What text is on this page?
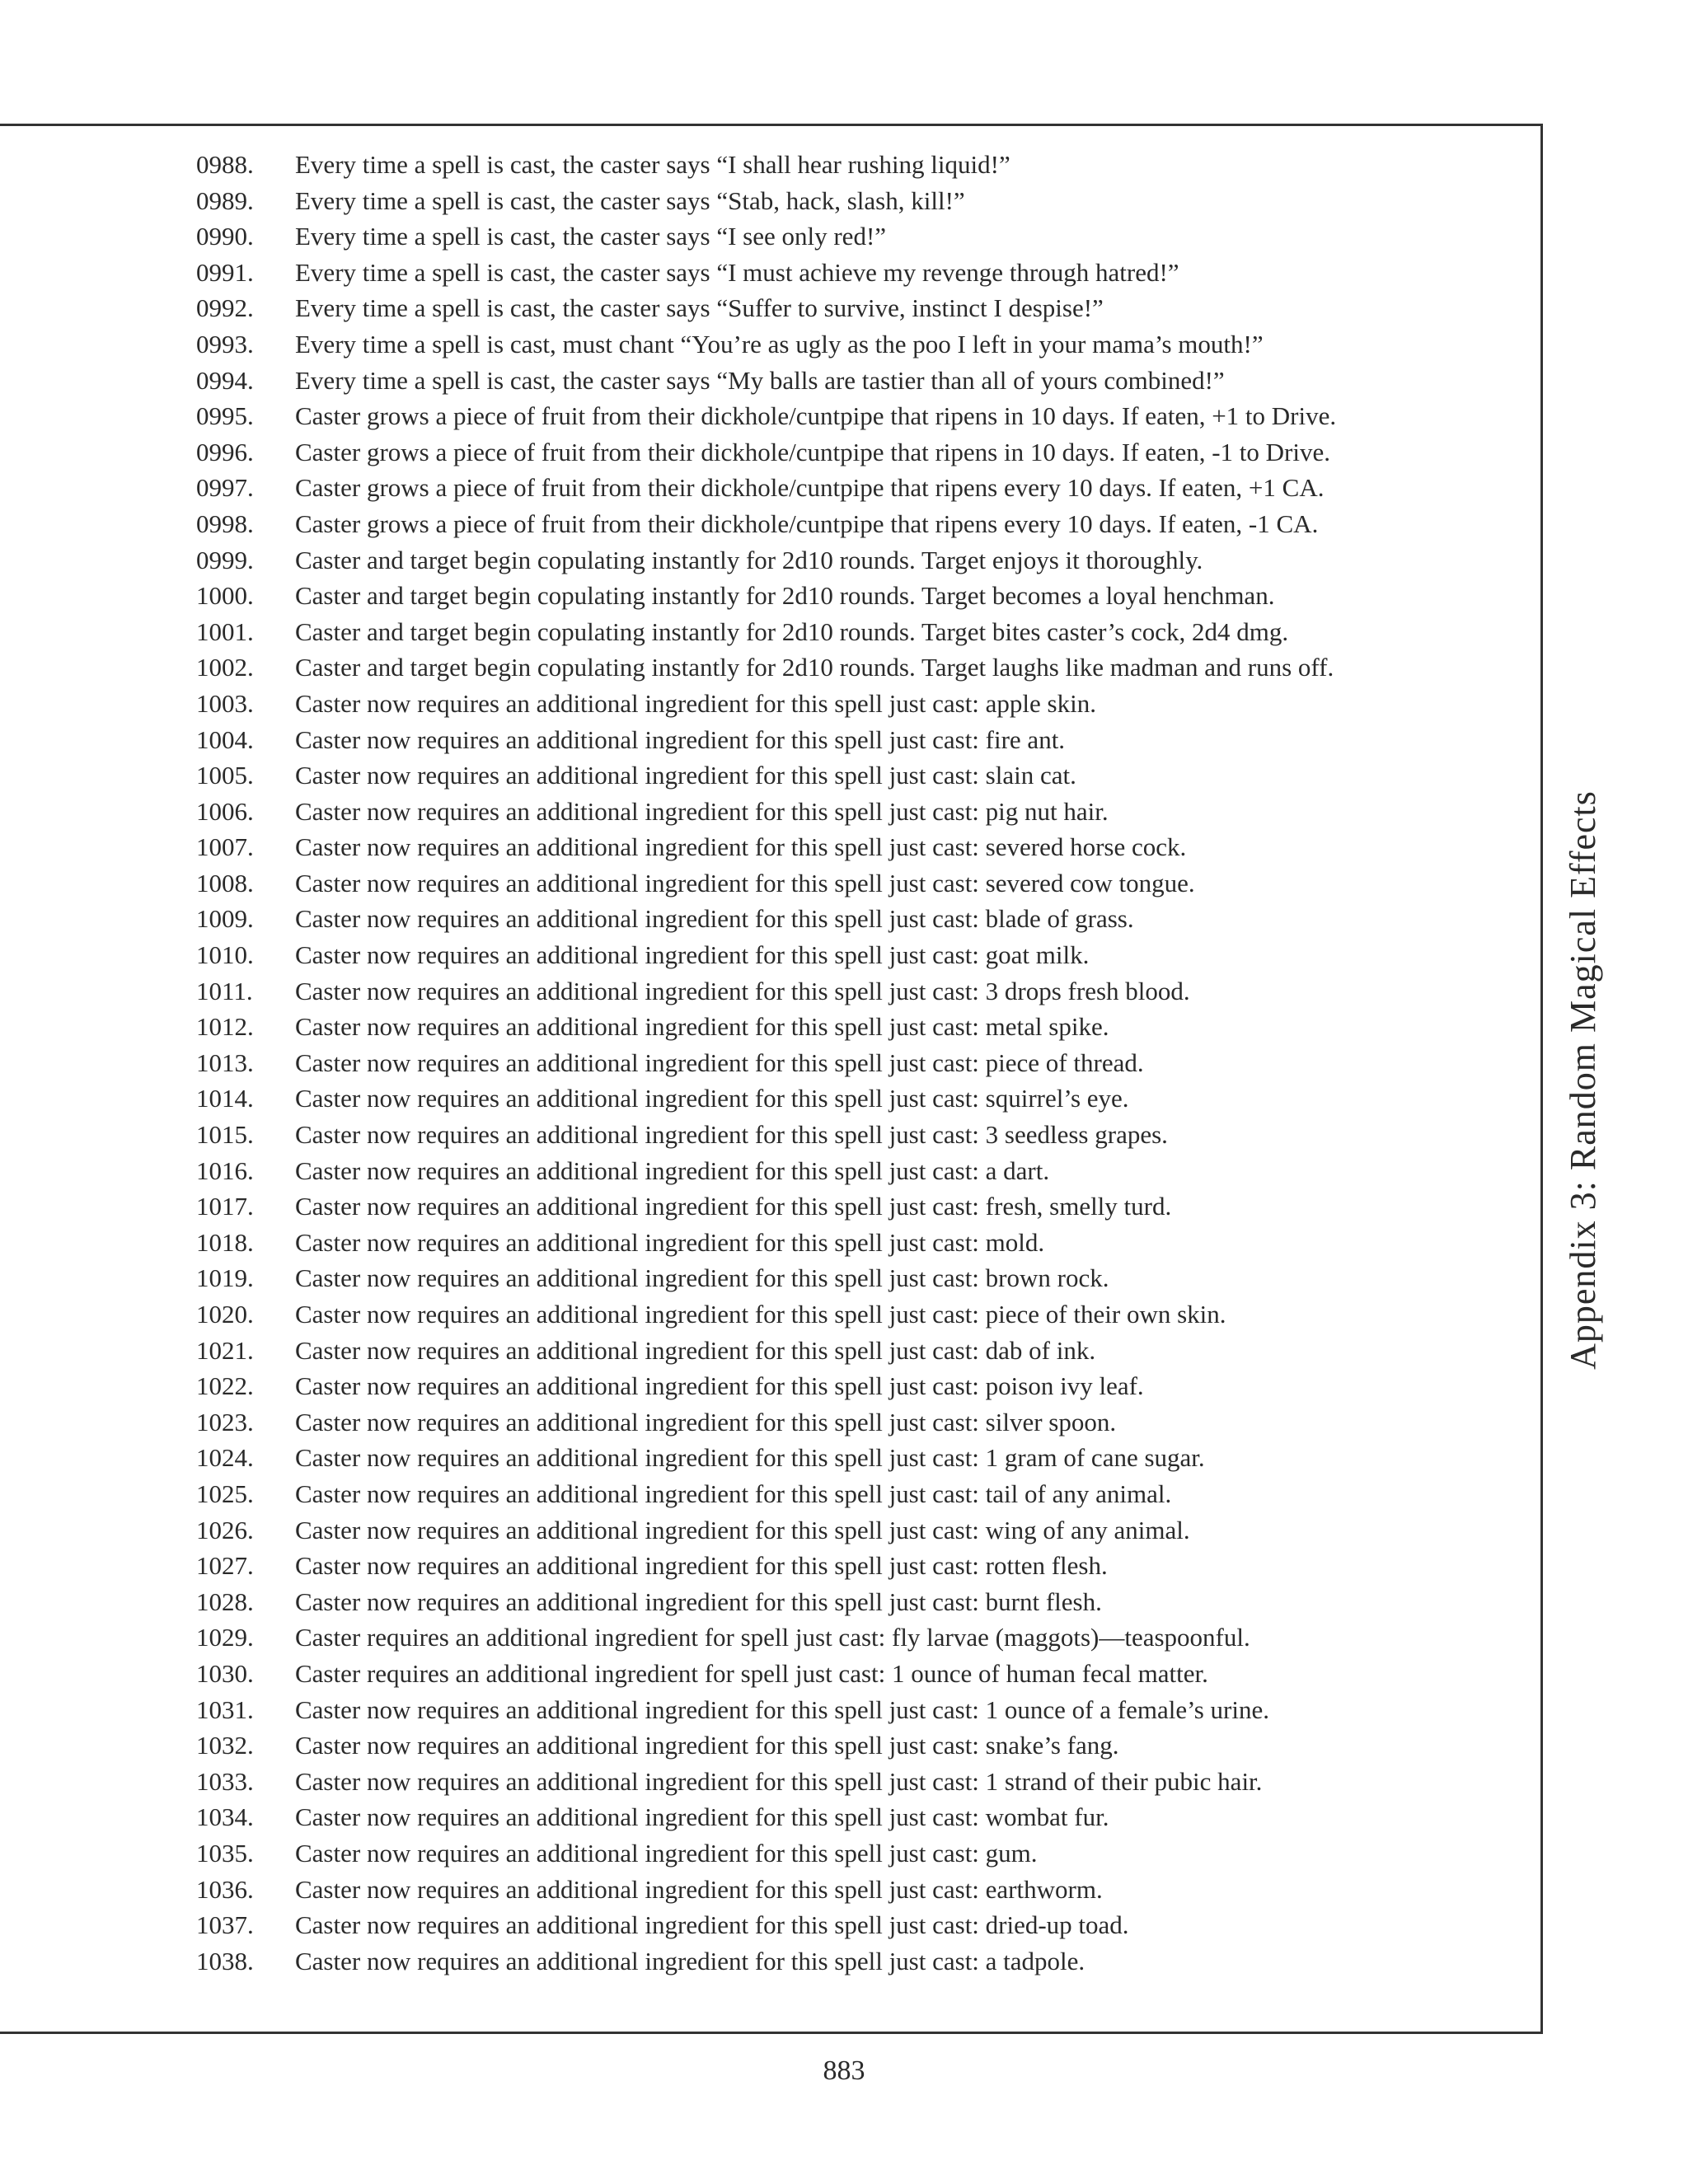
0988.	Every time a spell is cast, the caster says “I shall hear rushing liquid!”
0989.	Every time a spell is cast, the caster says “Stab, hack, slash, kill!”
0990.	Every time a spell is cast, the caster says “I see only red!”
0991.	Every time a spell is cast, the caster says “I must achieve my revenge through hatred!”
0992.	Every time a spell is cast, the caster says “Suffer to survive, instinct I despise!”
0993.	Every time a spell is cast, must chant “You’re as ugly as the poo I left in your mama’s mouth!”
0994.	Every time a spell is cast, the caster says “My balls are tastier than all of yours combined!”
0995.	Caster grows a piece of fruit from their dickhole/cuntpipe that ripens in 10 days. If eaten, +1 to Drive.
0996.	Caster grows a piece of fruit from their dickhole/cuntpipe that ripens in 10 days. If eaten, -1 to Drive.
0997.	Caster grows a piece of fruit from their dickhole/cuntpipe that ripens every 10 days. If eaten, +1 CA.
0998.	Caster grows a piece of fruit from their dickhole/cuntpipe that ripens every 10 days. If eaten, -1 CA.
0999.	Caster and target begin copulating instantly for 2d10 rounds. Target enjoys it thoroughly.
1000.	Caster and target begin copulating instantly for 2d10 rounds. Target becomes a loyal henchman.
1001.	Caster and target begin copulating instantly for 2d10 rounds. Target bites caster’s cock, 2d4 dmg.
1002.	Caster and target begin copulating instantly for 2d10 rounds. Target laughs like madman and runs off.
1003.	Caster now requires an additional ingredient for this spell just cast: apple skin.
1004.	Caster now requires an additional ingredient for this spell just cast: fire ant.
1005.	Caster now requires an additional ingredient for this spell just cast: slain cat.
1006.	Caster now requires an additional ingredient for this spell just cast: pig nut hair.
1007.	Caster now requires an additional ingredient for this spell just cast: severed horse cock.
1008.	Caster now requires an additional ingredient for this spell just cast: severed cow tongue.
1009.	Caster now requires an additional ingredient for this spell just cast: blade of grass.
1010.	Caster now requires an additional ingredient for this spell just cast: goat milk.
1011.	Caster now requires an additional ingredient for this spell just cast: 3 drops fresh blood.
1012.	Caster now requires an additional ingredient for this spell just cast: metal spike.
1013.	Caster now requires an additional ingredient for this spell just cast: piece of thread.
1014.	Caster now requires an additional ingredient for this spell just cast: squirrel’s eye.
1015.	Caster now requires an additional ingredient for this spell just cast: 3 seedless grapes.
1016.	Caster now requires an additional ingredient for this spell just cast: a dart.
1017.	Caster now requires an additional ingredient for this spell just cast: fresh, smelly turd.
1018.	Caster now requires an additional ingredient for this spell just cast: mold.
1019.	Caster now requires an additional ingredient for this spell just cast: brown rock.
1020.	Caster now requires an additional ingredient for this spell just cast: piece of their own skin.
1021.	Caster now requires an additional ingredient for this spell just cast: dab of ink.
1022.	Caster now requires an additional ingredient for this spell just cast: poison ivy leaf.
1023.	Caster now requires an additional ingredient for this spell just cast: silver spoon.
1024.	Caster now requires an additional ingredient for this spell just cast: 1 gram of cane sugar.
1025.	Caster now requires an additional ingredient for this spell just cast: tail of any animal.
1026.	Caster now requires an additional ingredient for this spell just cast: wing of any animal.
1027.	Caster now requires an additional ingredient for this spell just cast: rotten flesh.
1028.	Caster now requires an additional ingredient for this spell just cast: burnt flesh.
1029.	Caster requires an additional ingredient for spell just cast: fly larvae (maggots)—teaspoonful.
1030.	Caster requires an additional ingredient for spell just cast: 1 ounce of human fecal matter.
1031.	Caster now requires an additional ingredient for this spell just cast: 1 ounce of a female’s urine.
1032.	Caster now requires an additional ingredient for this spell just cast: snake’s fang.
1033.	Caster now requires an additional ingredient for this spell just cast: 1 strand of their pubic hair.
1034.	Caster now requires an additional ingredient for this spell just cast: wombat fur.
1035.	Caster now requires an additional ingredient for this spell just cast: gum.
1036.	Caster now requires an additional ingredient for this spell just cast: earthworm.
1037.	Caster now requires an additional ingredient for this spell just cast: dried-up toad.
1038.	Caster now requires an additional ingredient for this spell just cast: a tadpole.
Appendix 3: Random Magical Effects
883
